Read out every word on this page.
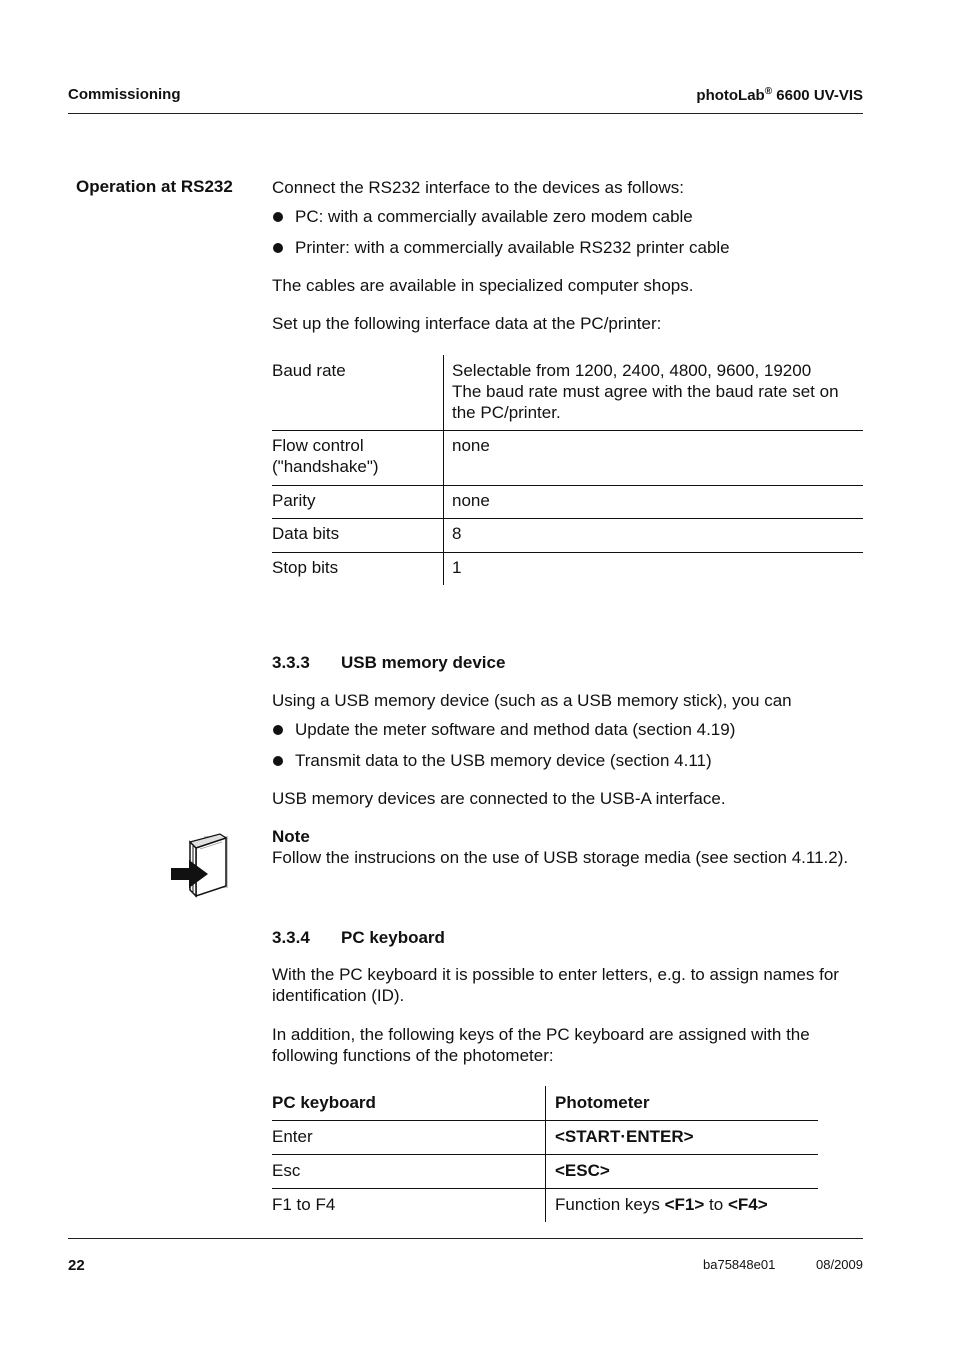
Commissioning	photoLab® 6600 UV-VIS
Operation at RS232 Connect the RS232 interface to the devices as follows:
PC: with a commercially available zero modem cable
Printer: with a commercially available RS232 printer cable
The cables are available in specialized computer shops.
Set up the following interface data at the PC/printer:
Baud rate	Selectable from 1200, 2400, 4800, 9600, 19200
The baud rate must agree with the baud rate set on
the PC/printer.

Flow control
("handshake")	none
Parity	none
Data bits	8
Stop bits	1
3.3.3 USB memory device
Using a USB memory device (such as a USB memory stick), you can
Update the meter software and method data (section 4.19)
Transmit data to the USB memory device (section 4.11)
USB memory devices are connected to the USB-A interface.
Note
Follow the instrucions on the use of USB storage media (see section 4.11.2).
3.3.4 PC keyboard
With the PC keyboard it is possible to enter letters, e.g. to assign names for
identification (ID).
In addition, the following keys of the PC keyboard are assigned with the
following functions of the photometer:
PC keyboard	Photometer
Enter	<START·ENTER>
Esc	<ESC>
F1 to F4	Function keys <F1> to <F4>
22	ba75848e01	08/2009
